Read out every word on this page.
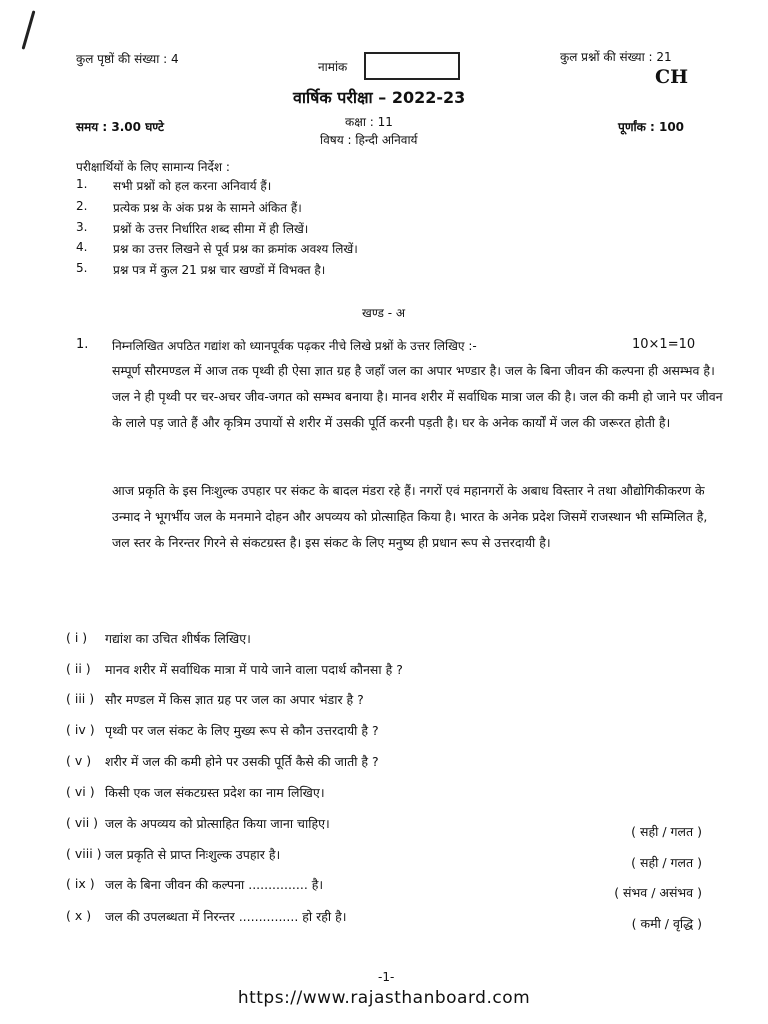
कुल पृष्ठों की संख्या : 4
नामांक
कुल प्रश्नों की संख्या : 21
CH
वार्षिक परीक्षा – 2022-23
समय : 3.00 घण्टे	कक्षा : 11	पूर्णांक : 100
विषय : हिन्दी अनिवार्य
परीक्षार्थियों के लिए सामान्य निर्देश :
1. सभी प्रश्नों को हल करना अनिवार्य हैं।
2. प्रत्येक प्रश्न के अंक प्रश्न के सामने अंकित हैं।
3. प्रश्नों के उत्तर निर्धारित शब्द सीमा में ही लिखें।
4. प्रश्न का उत्तर लिखने से पूर्व प्रश्न का क्रमांक अवश्य लिखें।
5. प्रश्न पत्र में कुल 21 प्रश्न चार खण्डों में विभक्त है।
खण्ड - अ
1. निम्नलिखित अपठित गद्यांश को ध्यानपूर्वक पढ़कर नीचे लिखे प्रश्नों के उत्तर लिखिए :-	10×1=10
सम्पूर्ण सौरमण्डल में आज तक पृथ्वी ही ऐसा ज्ञात ग्रह है जहाँ जल का अपार भण्डार है। जल के बिना जीवन की कल्पना ही असम्भव है। जल ने ही पृथ्वी पर चर-अचर जीव-जगत को सम्भव बनाया है। मानव शरीर में सर्वाधिक मात्रा जल की है। जल की कमी हो जाने पर जीवन के लाले पड़ जाते हैं और कृत्रिम उपायों से शरीर में उसकी पूर्ति करनी पड़ती है। घर के अनेक कार्यों में जल की जरूरत होती है।
आज प्रकृति के इस निःशुल्क उपहार पर संकट के बादल मंडरा रहे हैं। नगरों एवं महानगरों के अबाध विस्तार ने तथा औद्योगिकीकरण के उन्माद ने भूगर्भीय जल के मनमाने दोहन और अपव्यय को प्रोत्साहित किया है। भारत के अनेक प्रदेश जिसमें राजस्थान भी सम्मिलित है, जल स्तर के निरन्तर गिरने से संकटग्रस्त है। इस संकट के लिए मनुष्य ही प्रधान रूप से उत्तरदायी है।
( i ) गद्यांश का उचित शीर्षक लिखिए।
( ii ) मानव शरीर में सर्वाधिक मात्रा में पाये जाने वाला पदार्थ कौनसा है ?
( iii ) सौर मण्डल में किस ज्ञात ग्रह पर जल का अपार भंडार है ?
( iv ) पृथ्वी पर जल संकट के लिए मुख्य रूप से कौन उत्तरदायी है ?
( v ) शरीर में जल की कमी होने पर उसकी पूर्ति कैसे की जाती है ?
( vi ) किसी एक जल संकटग्रस्त प्रदेश का नाम लिखिए।
( vii ) जल के अपव्यय को प्रोत्साहित किया जाना चाहिए।
( सही / गलत )
( viii ) जल प्रकृति से प्राप्त निःशुल्क उपहार है।
( सही / गलत )
( ix ) जल के बिना जीवन की कल्पना ............... है।
( संभव / असंभव )
( x ) जल की उपलब्धता में निरन्तर ............... हो रही है।	( कमी / वृद्धि )
-1-
https://www.rajasthanboard.com
